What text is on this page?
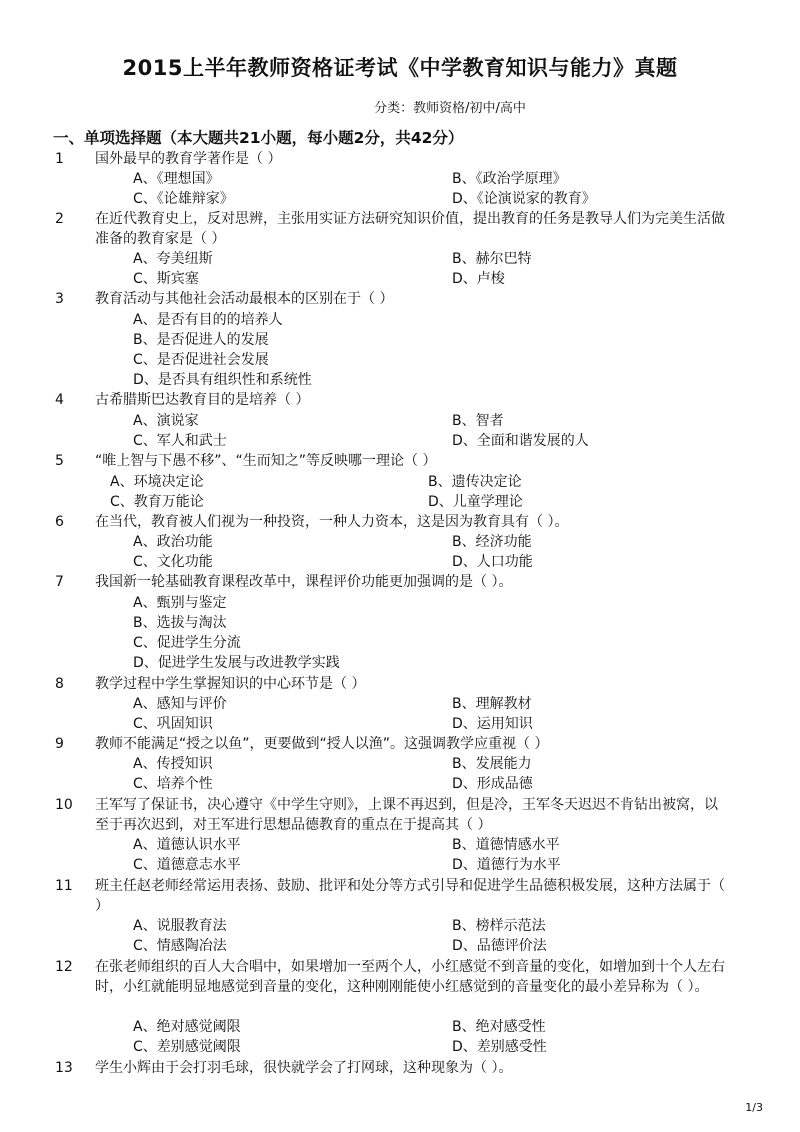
2015上半年教师资格证考试《中学教育知识与能力》真题
分类：教师资格/初中/高中
一、单项选择题（本大题共21小题，每小题2分，共42分）
1 国外最早的教育学著作是（ ）
A、《理想国》	B、《政治学原理》
C、《论雄辩家》	D、《论演说家的教育》
2 在近代教育史上，反对思辨，主张用实证方法研究知识价值，提出教育的任务是教导人们为完美生活做准备的教育家是（ ）
A、夸美纽斯	B、赫尔巴特
C、斯宾塞	D、卢梭
3 教育活动与其他社会活动最根本的区别在于（ ）
A、是否有目的的培养人
B、是否促进人的发展
C、是否促进社会发展
D、是否具有组织性和系统性
4 古希腊斯巴达教育目的是培养（ ）
A、演说家	B、智者
C、军人和武士	D、全面和谐发展的人
5 “唯上智与下愚不移”、“生而知之”等反映哪一理论（ ）
A、环境决定论	B、遗传决定论
C、教育万能论	D、儿童学理论
6 在当代，教育被人们视为一种投资，一种人力资本，这是因为教育具有（ ）。
A、政治功能	B、经济功能
C、文化功能	D、人口功能
7 我国新一轮基础教育课程改革中，课程评价功能更加强调的是（ ）。
A、甄别与鉴定
B、选拔与淘汰
C、促进学生分流
D、促进学生发展与改进教学实践
8 教学过程中学生掌握知识的中心环节是（ ）
A、感知与评价	B、理解教材
C、巩固知识	D、运用知识
9 教师不能满足“授之以鱼”，更要做到“授人以渔”。这强调教学应重视（ ）
A、传授知识	B、发展能力
C、培养个性	D、形成品德
10 王军写了保证书，决心遵守《中学生守则》，上课不再迟到，但是冷，王军冬天迟迟不肯钻出被窝，以至于再次迟到，对王军进行思想品德教育的重点在于提高其（ ）
A、道德认识水平	B、道德情感水平
C、道德意志水平	D、道德行为水平
11 班主任赵老师经常运用表扬、鼓励、批评和处分等方式引导和促进学生品德积极发展，这种方法属于（ ）
A、说服教育法	B、榜样示范法
C、情感陶冶法	D、品德评价法
12 在张老师组织的百人大合唱中，如果增加一至两个人，小红感觉不到音量的变化，如增加到十个人左右时，小红就能明显地感觉到音量的变化，这种刚刚能使小红感觉到的音量变化的最小差异称为（ ）。
A、绝对感觉阈限	B、绝对感受性
C、差别感觉阈限	D、差别感受性
13 学生小辉由于会打羽毛球，很快就学会了打网球，这种现象为（ ）。
1/3
